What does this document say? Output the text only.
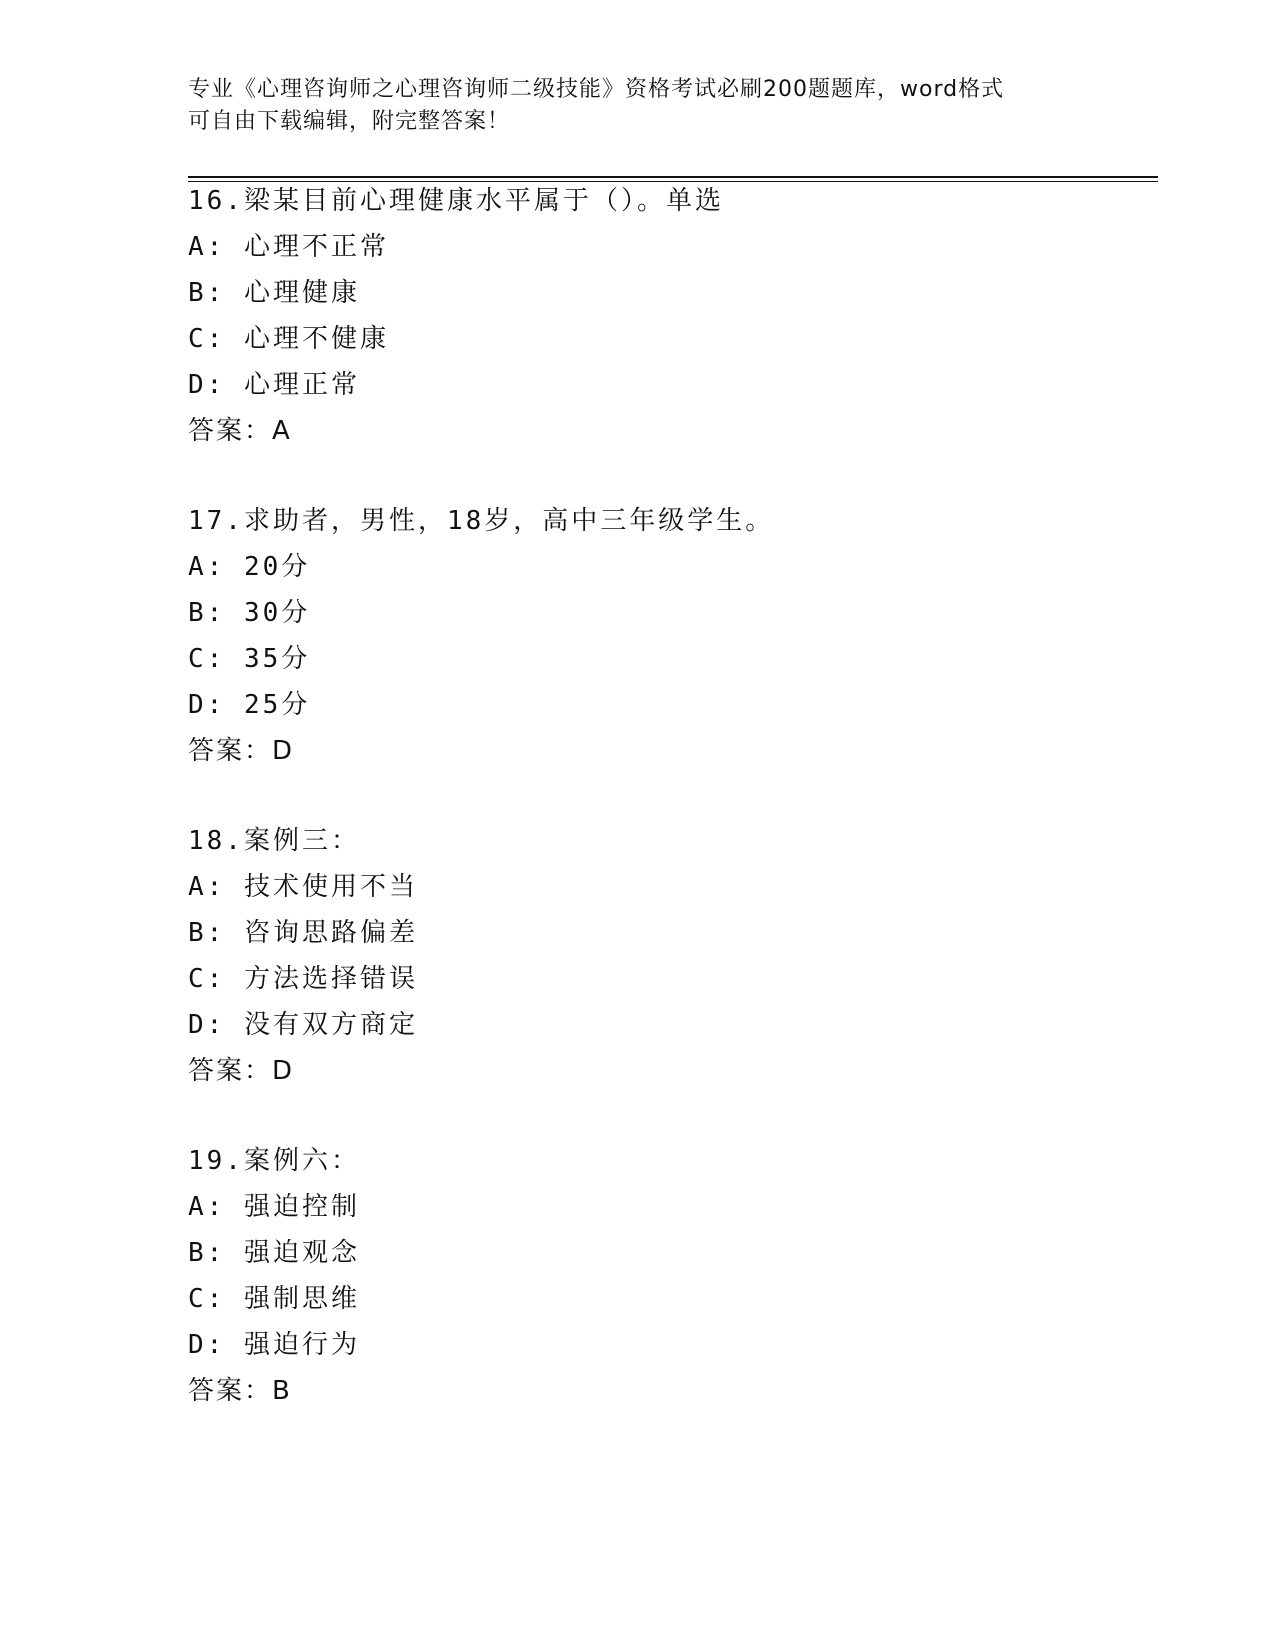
专业《心理咨询师之心理咨询师二级技能》资格考试必刷200题题库，word格式
可自由下载编辑，附完整答案！
16.梁某目前心理健康水平属于（）。单选
A: 心理不正常
B: 心理健康
C: 心理不健康
D: 心理正常
答案：A
17.求助者，男性，18岁，高中三年级学生。
A: 20分
B: 30分
C: 35分
D: 25分
答案：D
18.案例三：
A: 技术使用不当
B: 咨询思路偏差
C: 方法选择错误
D: 没有双方商定
答案：D
19.案例六：
A: 强迫控制
B: 强迫观念
C: 强制思维
D: 强迫行为
答案：B
